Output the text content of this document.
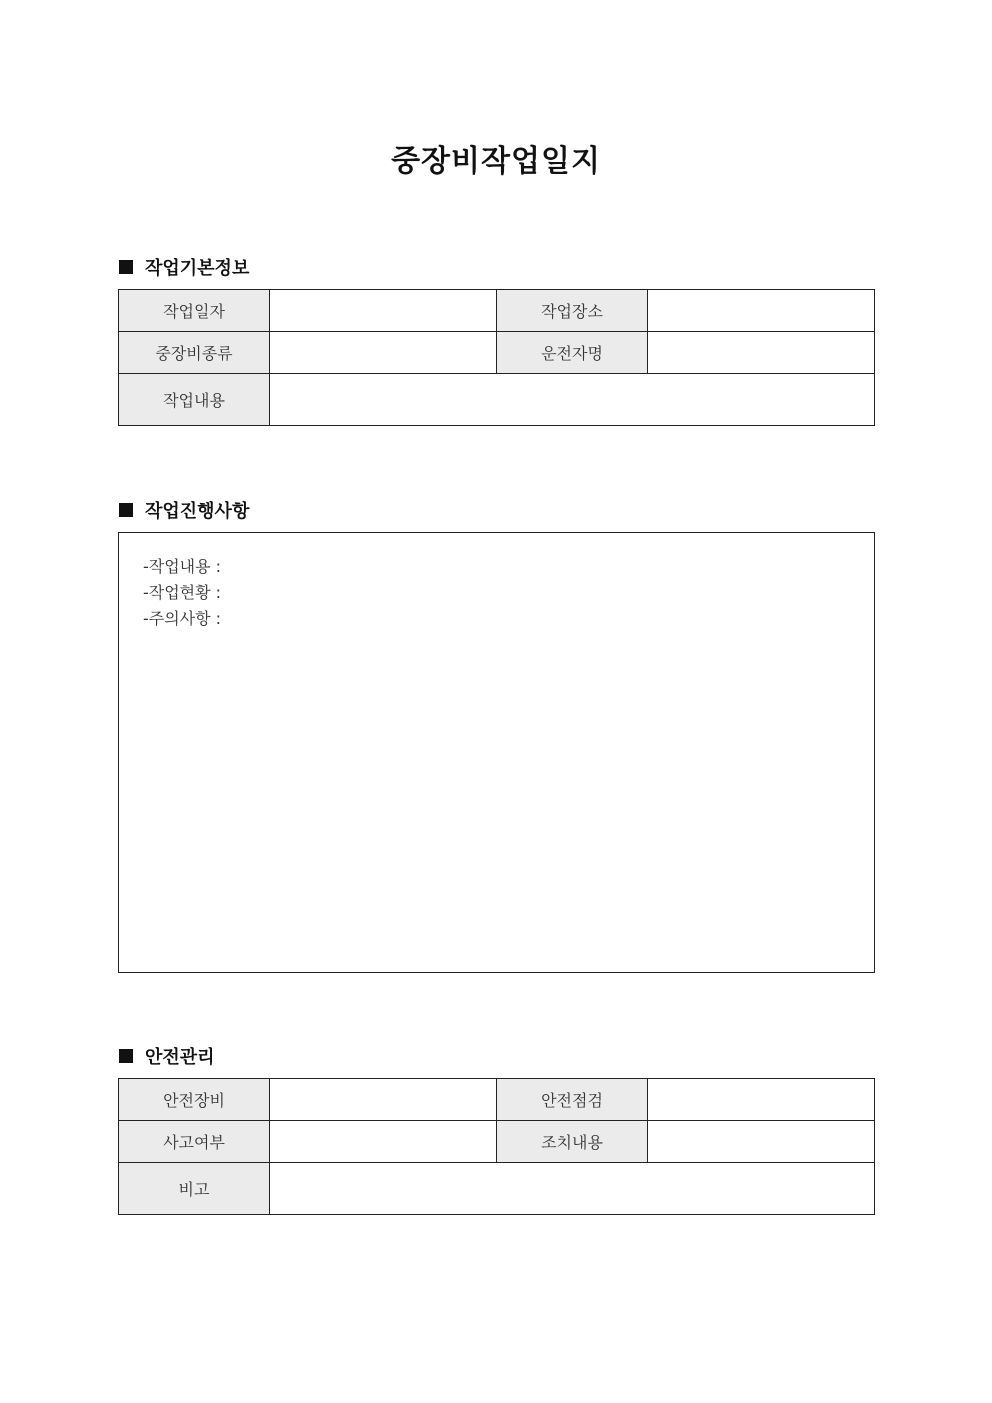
중장비작업일지
작업기본정보
작업일자		작업장소	
중장비종류		운전자명	
작업내용			
작업진행사항
-작업내용 :
-작업현황 :
-주의사항 :
안전관리
안전장비		안전점검	
사고여부		조치내용	
비고			
